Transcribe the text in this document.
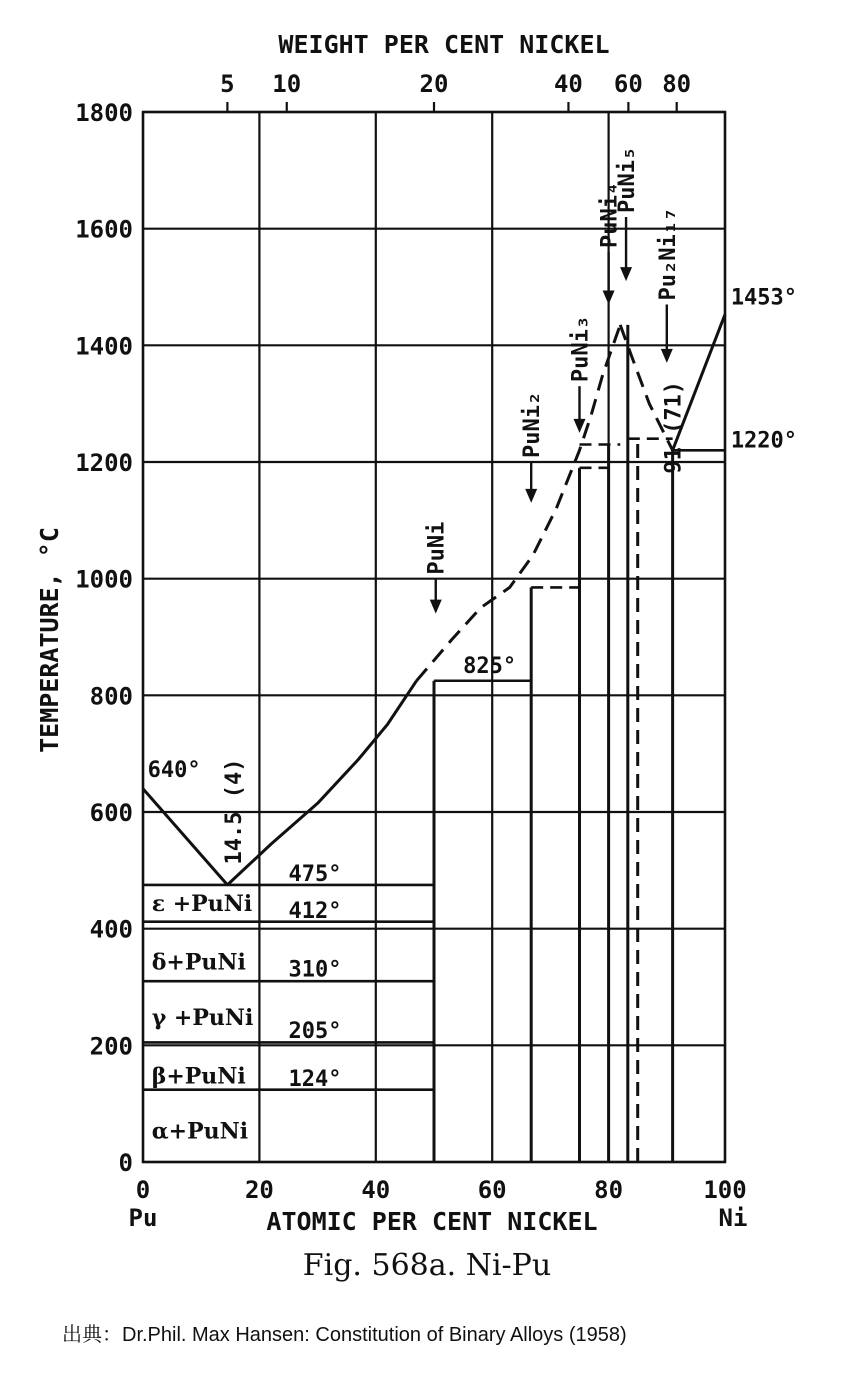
0
200
400
600
800
1000
1200
1400
1600
1800
0	20	40	60	80	100
Pu	Ni
5 10	20	40 60 80
PuNi
PuNi₂
PuNi₃
PuNi₄
PuNi₅
Pu₂Ni₁₇
640°
1453°
1220°
825°
475°
412°
310°
205°
124°
14.5 (4)
91 (71)
ε +PuNi
δ+PuNi
γ +PuNi
β+PuNi
α+PuNi
WEIGHT PER CENT NICKEL
ATOMIC PER CENT NICKEL
TEMPERATURE, °C
Fig. 568a. Ni-Pu
出典：Dr.Phil. Max Hansen: Constitution of Binary Alloys (1958)
